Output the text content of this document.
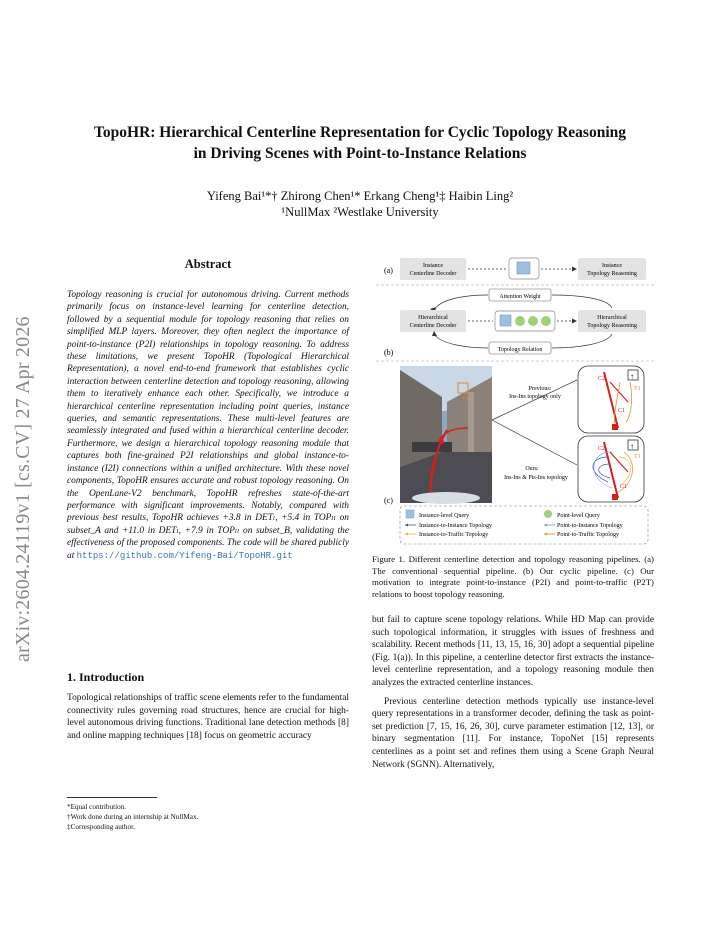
arXiv:2604.24119v1 [cs.CV] 27 Apr 2026
TopoHR: Hierarchical Centerline Representation for Cyclic Topology Reasoning
in Driving Scenes with Point-to-Instance Relations
Yifeng Bai¹*† Zhirong Chen¹* Erkang Cheng¹‡ Haibin Ling²
¹NullMax ²Westlake University
Abstract
Topology reasoning is crucial for autonomous driving. Current methods primarily focus on instance-level learning for centerline detection, followed by a sequential module for topology reasoning that relies on simplified MLP layers. Moreover, they often neglect the importance of point-to-instance (P2I) relationships in topology reasoning. To address these limitations, we present TopoHR (Topological Hierarchical Representation), a novel end-to-end framework that establishes cyclic interaction between centerline detection and topology reasoning, allowing them to iteratively enhance each other. Specifically, we introduce a hierarchical centerline representation including point queries, instance queries, and semantic representations. These multi-level features are seamlessly integrated and fused within a hierarchical centerline decoder. Furthermore, we design a hierarchical topology reasoning module that captures both fine-grained P2I relationships and global instance-to-instance (I2I) connections within a unified architecture. With these novel components, TopoHR ensures accurate and robust topology reasoning. On the OpenLane-V2 benchmark, TopoHR refreshes state-of-the-art performance with significant improvements. Notably, compared with previous best results, TopoHR achieves +3.8 in DETₗ, +5.4 in TOPₗₗ on subset_A and +11.0 in DETₗ, +7.9 in TOPₗₗ on subset_B, validating the effectiveness of the proposed components. The code will be shared publicly at https://github.com/Yifeng-Bai/TopoHR.git
1. Introduction

Topological relationships of traffic scene elements refer to the fundamental connectivity rules governing road structures, hence are crucial for high-level autonomous driving functions. Traditional lane detection methods [8] and online mapping techniques [18] focus on geometric accuracy

*Equal contribution.
†Work done during an internship at NullMax.
‡Corresponding author.
(a)	Instance
Centerline Decoder
Instance
Topology Reasoning
Attention Weight
Hierarchical
Centerline Decoder
Hierarchical
Topology Reasoning
Topology Relation
(b)
T1
C1
Previous:
Ins-Ins topology only
Ours:
Ins-Ins & Pts-Ins topology
↑
C2
C1
T1
↑
C2
C1
T1
(c)
Instance-level Query
Instance-to-Instance Topology
Instance-to-Traffic Topology
Point-level Query
Point-to-Instance Topology
Point-to-Traffic Topology
Figure 1. Different centerline detection and topology reasoning pipelines. (a) The conventional sequential pipeline. (b) Our cyclic pipeline. (c) Our motivation to integrate point-to-instance (P2I) and point-to-traffic (P2T) relations to boost topology reasoning.

but fail to capture scene topology relations. While HD Map can provide such topological information, it struggles with issues of freshness and scalability. Recent methods [11, 13, 15, 16, 30] adopt a sequential pipeline (Fig. 1(a)). In this pipeline, a centerline detector first extracts the instance-level centerline representation, and a topology reasoning module then analyzes the extracted centerline instances.

Previous centerline detection methods typically use instance-level query representations in a transformer decoder, defining the task as point-set prediction [7, 15, 16, 26, 30], curve parameter estimation [12, 13], or binary segmentation [11]. For instance, TopoNet [15] represents centerlines as a point set and refines them using a Scene Graph Neural Network (SGNN). Alternatively,
